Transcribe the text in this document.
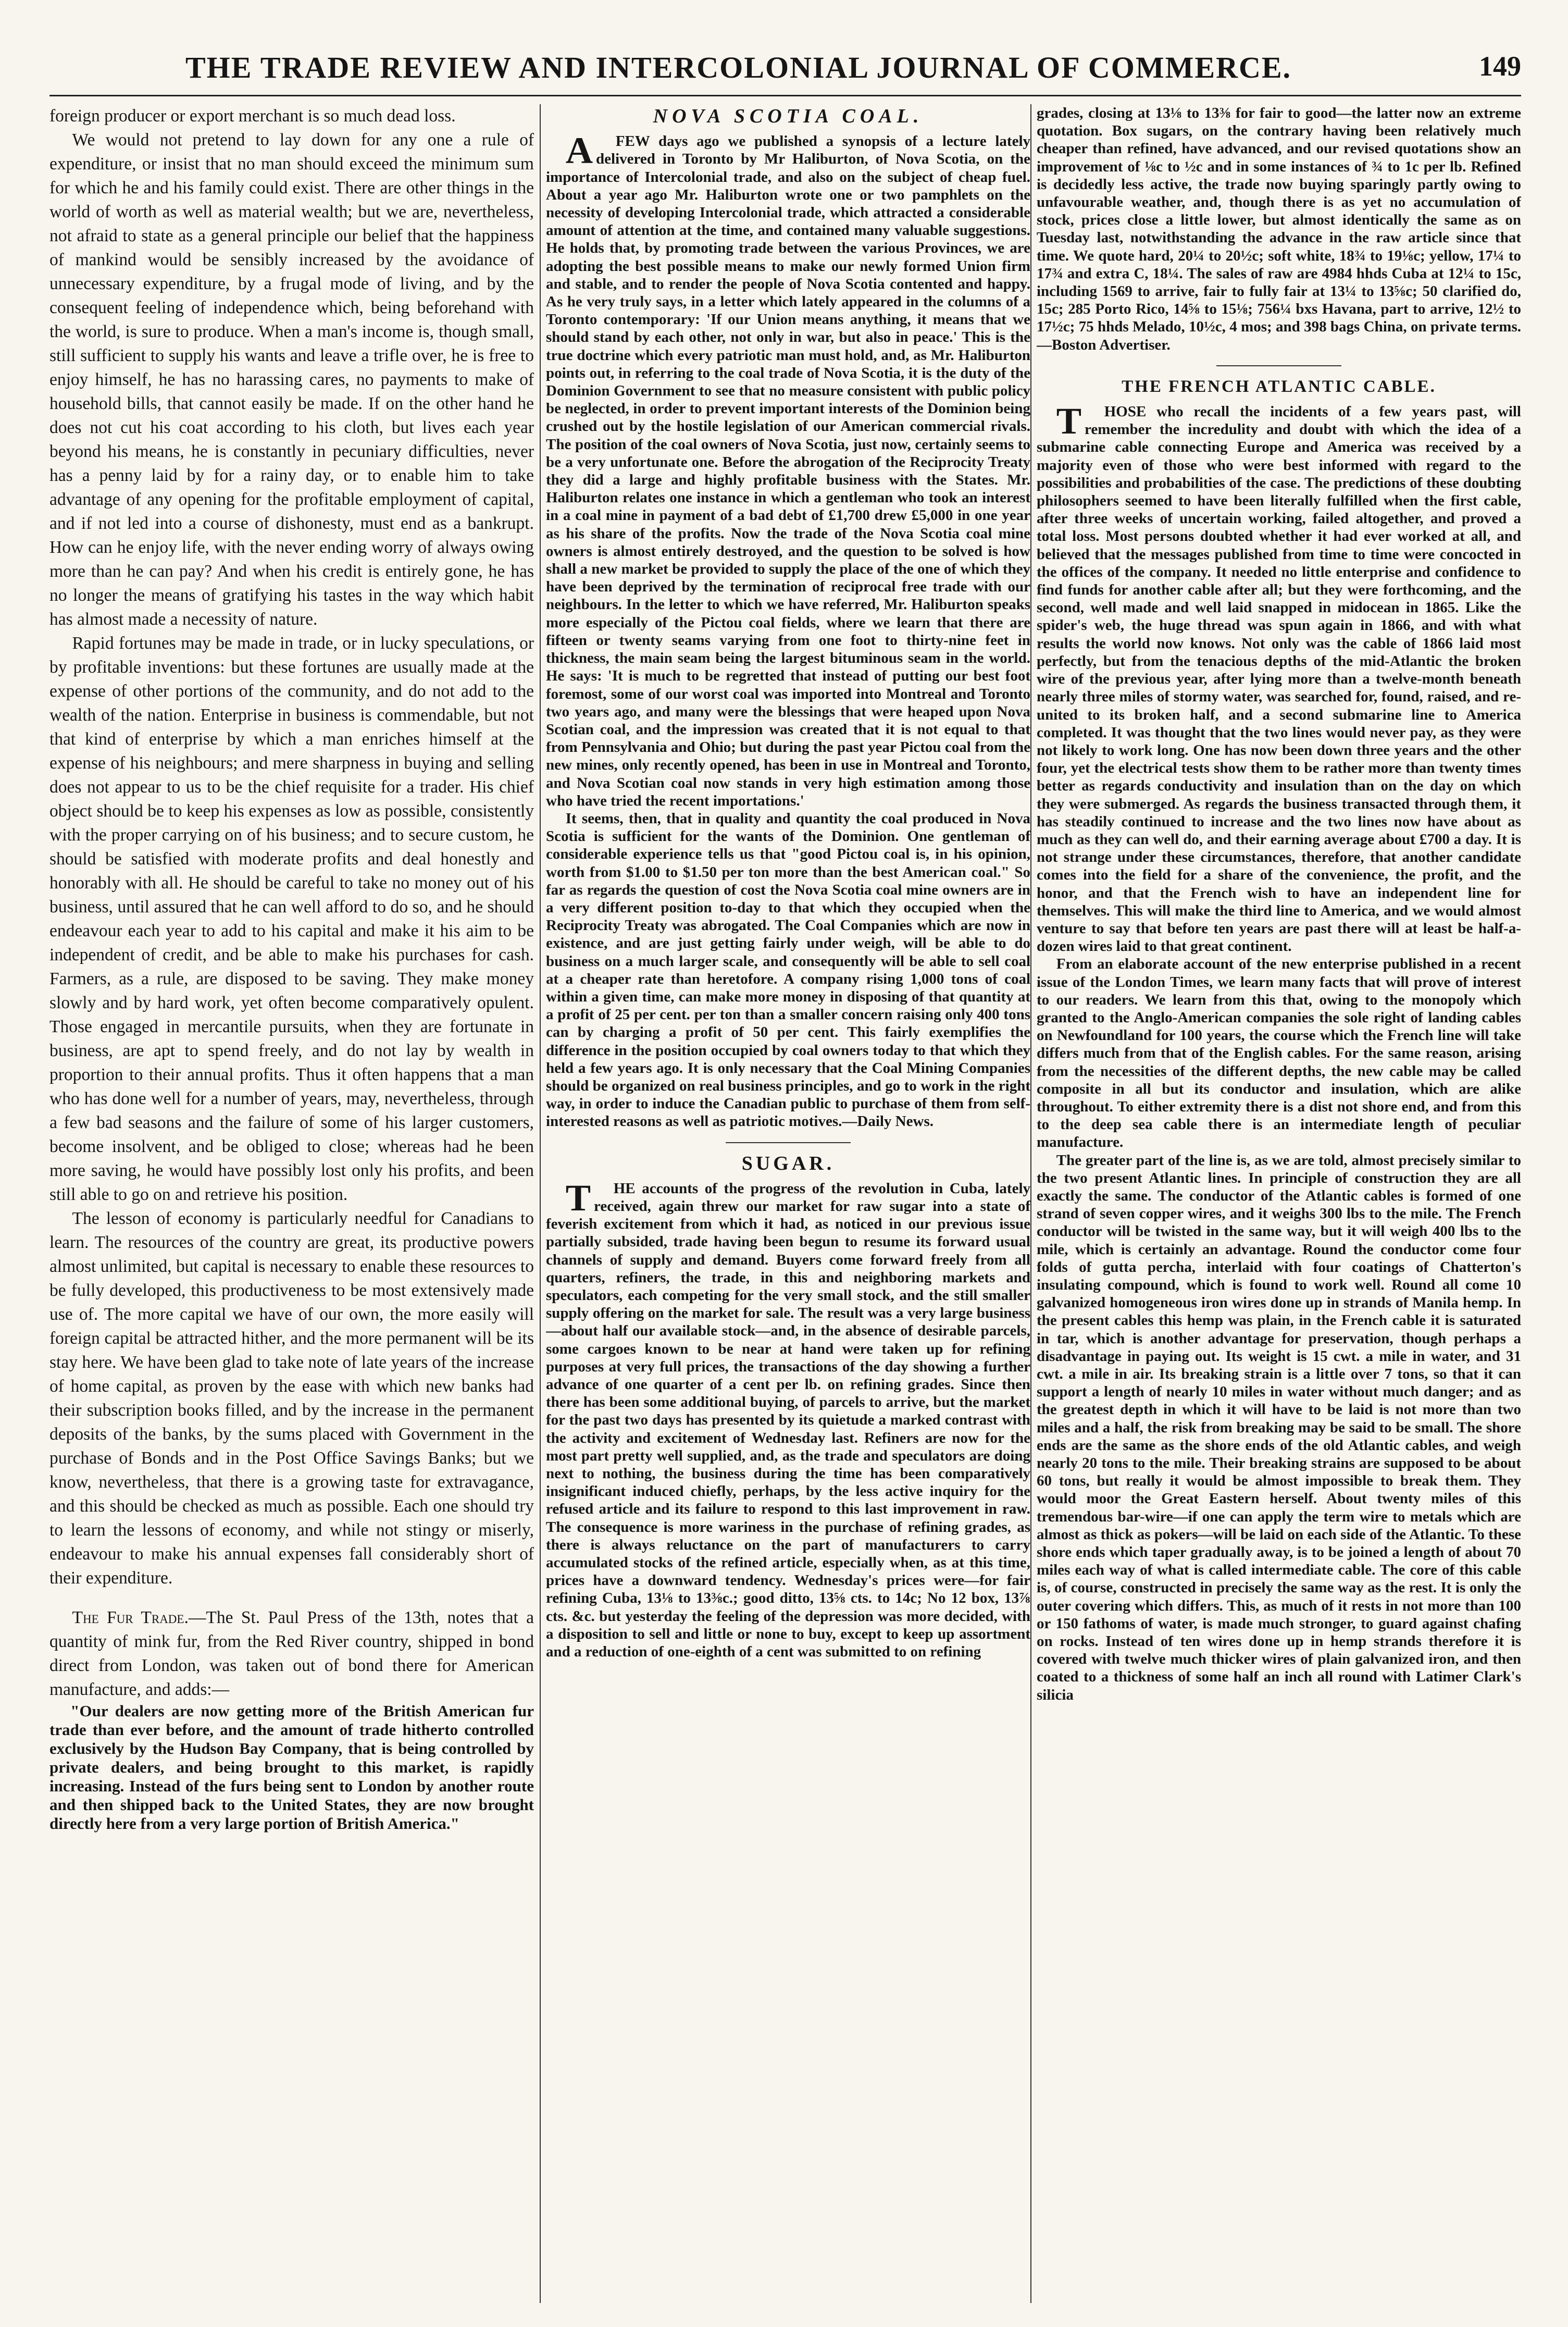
THE TRADE REVIEW AND INTERCOLONIAL JOURNAL OF COMMERCE.	149

foreign producer or export merchant is so much dead loss.

We would not pretend to lay down for any one a rule of expenditure, or insist that no man should exceed the minimum sum for which he and his family could exist. There are other things in the world of worth as well as material wealth; but we are, nevertheless, not afraid to state as a general principle our belief that the happiness of mankind would be sensibly increased by the avoidance of unnecessary expenditure, by a frugal mode of living, and by the consequent feeling of independence which, being beforehand with the world, is sure to produce. When a man's income is, though small, still sufficient to supply his wants and leave a trifle over, he is free to enjoy himself, he has no harassing cares, no payments to make of household bills, that cannot easily be made. If on the other hand he does not cut his coat according to his cloth, but lives each year beyond his means, he is constantly in pecuniary difficulties, never has a penny laid by for a rainy day, or to enable him to take advantage of any opening for the profitable employment of capital, and if not led into a course of dishonesty, must end as a bankrupt. How can he enjoy life, with the never ending worry of always owing more than he can pay? And when his credit is entirely gone, he has no longer the means of gratifying his tastes in the way which habit has almost made a necessity of nature.

Rapid fortunes may be made in trade, or in lucky speculations, or by profitable inventions: but these fortunes are usually made at the expense of other portions of the community, and do not add to the wealth of the nation. Enterprise in business is commendable, but not that kind of enterprise by which a man enriches himself at the expense of his neighbours; and mere sharpness in buying and selling does not appear to us to be the chief requisite for a trader. His chief object should be to keep his expenses as low as possible, consistently with the proper carrying on of his business; and to secure custom, he should be satisfied with moderate profits and deal honestly and honorably with all. He should be careful to take no money out of his business, until assured that he can well afford to do so, and he should endeavour each year to add to his capital and make it his aim to be independent of credit, and be able to make his purchases for cash. Farmers, as a rule, are disposed to be saving. They make money slowly and by hard work, yet often become comparatively opulent. Those engaged in mercantile pursuits, when they are fortunate in business, are apt to spend freely, and do not lay by wealth in proportion to their annual profits. Thus it often happens that a man who has done well for a number of years, may, nevertheless, through a few bad seasons and the failure of some of his larger customers, become insolvent, and be obliged to close; whereas had he been more saving, he would have possibly lost only his profits, and been still able to go on and retrieve his position.

The lesson of economy is particularly needful for Canadians to learn. The resources of the country are great, its productive powers almost unlimited, but capital is necessary to enable these resources to be fully developed, this productiveness to be most extensively made use of. The more capital we have of our own, the more easily will foreign capital be attracted hither, and the more permanent will be its stay here. We have been glad to take note of late years of the increase of home capital, as proven by the ease with which new banks had their subscription books filled, and by the increase in the permanent deposits of the banks, by the sums placed with Government in the purchase of Bonds and in the Post Office Savings Banks; but we know, nevertheless, that there is a growing taste for extravagance, and this should be checked as much as possible. Each one should try to learn the lessons of economy, and while not stingy or miserly, endeavour to make his annual expenses fall considerably short of their expenditure.

The Fur Trade.—The St. Paul Press of the 13th, notes that a quantity of mink fur, from the Red River country, shipped in bond direct from London, was taken out of bond there for American manufacture, and adds:—

"Our dealers are now getting more of the British American fur trade than ever before, and the amount of trade hitherto controlled exclusively by the Hudson Bay Company, that is being controlled by private dealers, and being brought to this market, is rapidly increasing. Instead of the furs being sent to London by another route and then shipped back to the United States, they are now brought directly here from a very large portion of British America."

NOVA SCOTIA COAL.

AFEW days ago we published a synopsis of a lecture lately delivered in Toronto by Mr Haliburton, of Nova Scotia, on the importance of Intercolonial trade, and also on the subject of cheap fuel. About a year ago Mr. Haliburton wrote one or two pamphlets on the necessity of developing Intercolonial trade, which attracted a considerable amount of attention at the time, and contained many valuable suggestions. He holds that, by promoting trade between the various Provinces, we are adopting the best possible means to make our newly formed Union firm and stable, and to render the people of Nova Scotia contented and happy. As he very truly says, in a letter which lately appeared in the columns of a Toronto contemporary: 'If our Union means anything, it means that we should stand by each other, not only in war, but also in peace.' This is the true doctrine which every patriotic man must hold, and, as Mr. Haliburton points out, in referring to the coal trade of Nova Scotia, it is the duty of the Dominion Government to see that no measure consistent with public policy be neglected, in order to prevent important interests of the Dominion being crushed out by the hostile legislation of our American commercial rivals. The position of the coal owners of Nova Scotia, just now, certainly seems to be a very unfortunate one. Before the abrogation of the Reciprocity Treaty they did a large and highly profitable business with the States. Mr. Haliburton relates one instance in which a gentleman who took an interest in a coal mine in payment of a bad debt of £1,700 drew £5,000 in one year as his share of the profits. Now the trade of the Nova Scotia coal mine owners is almost entirely destroyed, and the question to be solved is how shall a new market be provided to supply the place of the one of which they have been deprived by the termination of reciprocal free trade with our neighbours. In the letter to which we have referred, Mr. Haliburton speaks more especially of the Pictou coal fields, where we learn that there are fifteen or twenty seams varying from one foot to thirty-nine feet in thickness, the main seam being the largest bituminous seam in the world. He says: 'It is much to be regretted that instead of putting our best foot foremost, some of our worst coal was imported into Montreal and Toronto two years ago, and many were the blessings that were heaped upon Nova Scotian coal, and the impression was created that it is not equal to that from Pennsylvania and Ohio; but during the past year Pictou coal from the new mines, only recently opened, has been in use in Montreal and Toronto, and Nova Scotian coal now stands in very high estimation among those who have tried the recent importations.'

It seems, then, that in quality and quantity the coal produced in Nova Scotia is sufficient for the wants of the Dominion. One gentleman of considerable experience tells us that "good Pictou coal is, in his opinion, worth from $1.00 to $1.50 per ton more than the best American coal." So far as regards the question of cost the Nova Scotia coal mine owners are in a very different position to-day to that which they occupied when the Reciprocity Treaty was abrogated. The Coal Companies which are now in existence, and are just getting fairly under weigh, will be able to do business on a much larger scale, and consequently will be able to sell coal at a cheaper rate than heretofore. A company rising 1,000 tons of coal within a given time, can make more money in disposing of that quantity at a profit of 25 per cent. per ton than a smaller concern raising only 400 tons can by charging a profit of 50 per cent. This fairly exemplifies the difference in the position occupied by coal owners today to that which they held a few years ago. It is only necessary that the Coal Mining Companies should be organized on real business principles, and go to work in the right way, in order to induce the Canadian public to purchase of them from self-interested reasons as well as patriotic motives.—Daily News.

SUGAR.

THE accounts of the progress of the revolution in Cuba, lately received, again threw our market for raw sugar into a state of feverish excitement from which it had, as noticed in our previous issue partially subsided, trade having been begun to resume its forward usual channels of supply and demand. Buyers come forward freely from all quarters, refiners, the trade, in this and neighboring markets and speculators, each competing for the very small stock, and the still smaller supply offering on the market for sale. The result was a very large business—about half our available stock—and, in the absence of desirable parcels, some cargoes known to be near at hand were taken up for refining purposes at very full prices, the transactions of the day showing a further advance of one quarter of a cent per lb. on refining grades. Since then there has been some additional buying, of parcels to arrive, but the market for the past two days has presented by its quietude a marked contrast with the activity and excitement of Wednesday last. Refiners are now for the most part pretty well supplied, and, as the trade and speculators are doing next to nothing, the business during the time has been comparatively insignificant induced chiefly, perhaps, by the less active inquiry for the refused article and its failure to respond to this last improvement in raw. The consequence is more wariness in the purchase of refining grades, as there is always reluctance on the part of manufacturers to carry accumulated stocks of the refined article, especially when, as at this time, prices have a downward tendency. Wednesday's prices were—for fair refining Cuba, 13⅛ to 13⅜c.; good ditto, 13⅝ cts. to 14c; No 12 box, 13⅞ cts. &c. but yesterday the feeling of the depression was more decided, with a disposition to sell and little or none to buy, except to keep up assortment and a reduction of one-eighth of a cent was submitted to on refining

grades, closing at 13⅛ to 13⅜ for fair to good—the latter now an extreme quotation. Box sugars, on the contrary having been relatively much cheaper than refined, have advanced, and our revised quotations show an improvement of ⅛c to ½c and in some instances of ¾ to 1c per lb. Refined is decidedly less active, the trade now buying sparingly partly owing to unfavourable weather, and, though there is as yet no accumulation of stock, prices close a little lower, but almost identically the same as on Tuesday last, notwithstanding the advance in the raw article since that time. We quote hard, 20¼ to 20½c; soft white, 18¾ to 19⅛c; yellow, 17¼ to 17¾ and extra C, 18¼. The sales of raw are 4984 hhds Cuba at 12¼ to 15c, including 1569 to arrive, fair to fully fair at 13¼ to 13⅝c; 50 clarified do, 15c; 285 Porto Rico, 14⅝ to 15⅛; 756¼ bxs Havana, part to arrive, 12½ to 17½c; 75 hhds Melado, 10½c, 4 mos; and 398 bags China, on private terms.—Boston Advertiser.

THE FRENCH ATLANTIC CABLE.

THOSE who recall the incidents of a few years past, will remember the incredulity and doubt with which the idea of a submarine cable connecting Europe and America was received by a majority even of those who were best informed with regard to the possibilities and probabilities of the case. The predictions of these doubting philosophers seemed to have been literally fulfilled when the first cable, after three weeks of uncertain working, failed altogether, and proved a total loss. Most persons doubted whether it had ever worked at all, and believed that the messages published from time to time were concocted in the offices of the company. It needed no little enterprise and confidence to find funds for another cable after all; but they were forthcoming, and the second, well made and well laid snapped in midocean in 1865. Like the spider's web, the huge thread was spun again in 1866, and with what results the world now knows. Not only was the cable of 1866 laid most perfectly, but from the tenacious depths of the mid-Atlantic the broken wire of the previous year, after lying more than a twelve-month beneath nearly three miles of stormy water, was searched for, found, raised, and re-united to its broken half, and a second submarine line to America completed. It was thought that the two lines would never pay, as they were not likely to work long. One has now been down three years and the other four, yet the electrical tests show them to be rather more than twenty times better as regards conductivity and insulation than on the day on which they were submerged. As regards the business transacted through them, it has steadily continued to increase and the two lines now have about as much as they can well do, and their earning average about £700 a day. It is not strange under these circumstances, therefore, that another candidate comes into the field for a share of the convenience, the profit, and the honor, and that the French wish to have an independent line for themselves. This will make the third line to America, and we would almost venture to say that before ten years are past there will at least be half-a-dozen wires laid to that great continent.

From an elaborate account of the new enterprise published in a recent issue of the London Times, we learn many facts that will prove of interest to our readers. We learn from this that, owing to the monopoly which granted to the Anglo-American companies the sole right of landing cables on Newfoundland for 100 years, the course which the French line will take differs much from that of the English cables. For the same reason, arising from the necessities of the different depths, the new cable may be called composite in all but its conductor and insulation, which are alike throughout. To either extremity there is a dist not shore end, and from this to the deep sea cable there is an intermediate length of peculiar manufacture.

The greater part of the line is, as we are told, almost precisely similar to the two present Atlantic lines. In principle of construction they are all exactly the same. The conductor of the Atlantic cables is formed of one strand of seven copper wires, and it weighs 300 lbs to the mile. The French conductor will be twisted in the same way, but it will weigh 400 lbs to the mile, which is certainly an advantage. Round the conductor come four folds of gutta percha, interlaid with four coatings of Chatterton's insulating compound, which is found to work well. Round all come 10 galvanized homogeneous iron wires done up in strands of Manila hemp. In the present cables this hemp was plain, in the French cable it is saturated in tar, which is another advantage for preservation, though perhaps a disadvantage in paying out. Its weight is 15 cwt. a mile in water, and 31 cwt. a mile in air. Its breaking strain is a little over 7 tons, so that it can support a length of nearly 10 miles in water without much danger; and as the greatest depth in which it will have to be laid is not more than two miles and a half, the risk from breaking may be said to be small. The shore ends are the same as the shore ends of the old Atlantic cables, and weigh nearly 20 tons to the mile. Their breaking strains are supposed to be about 60 tons, but really it would be almost impossible to break them. They would moor the Great Eastern herself. About twenty miles of this tremendous bar-wire—if one can apply the term wire to metals which are almost as thick as pokers—will be laid on each side of the Atlantic. To these shore ends which taper gradually away, is to be joined a length of about 70 miles each way of what is called intermediate cable. The core of this cable is, of course, constructed in precisely the same way as the rest. It is only the outer covering which differs. This, as much of it rests in not more than 100 or 150 fathoms of water, is made much stronger, to guard against chafing on rocks. Instead of ten wires done up in hemp strands therefore it is covered with twelve much thicker wires of plain galvanized iron, and then coated to a thickness of some half an inch all round with Latimer Clark's silicia
